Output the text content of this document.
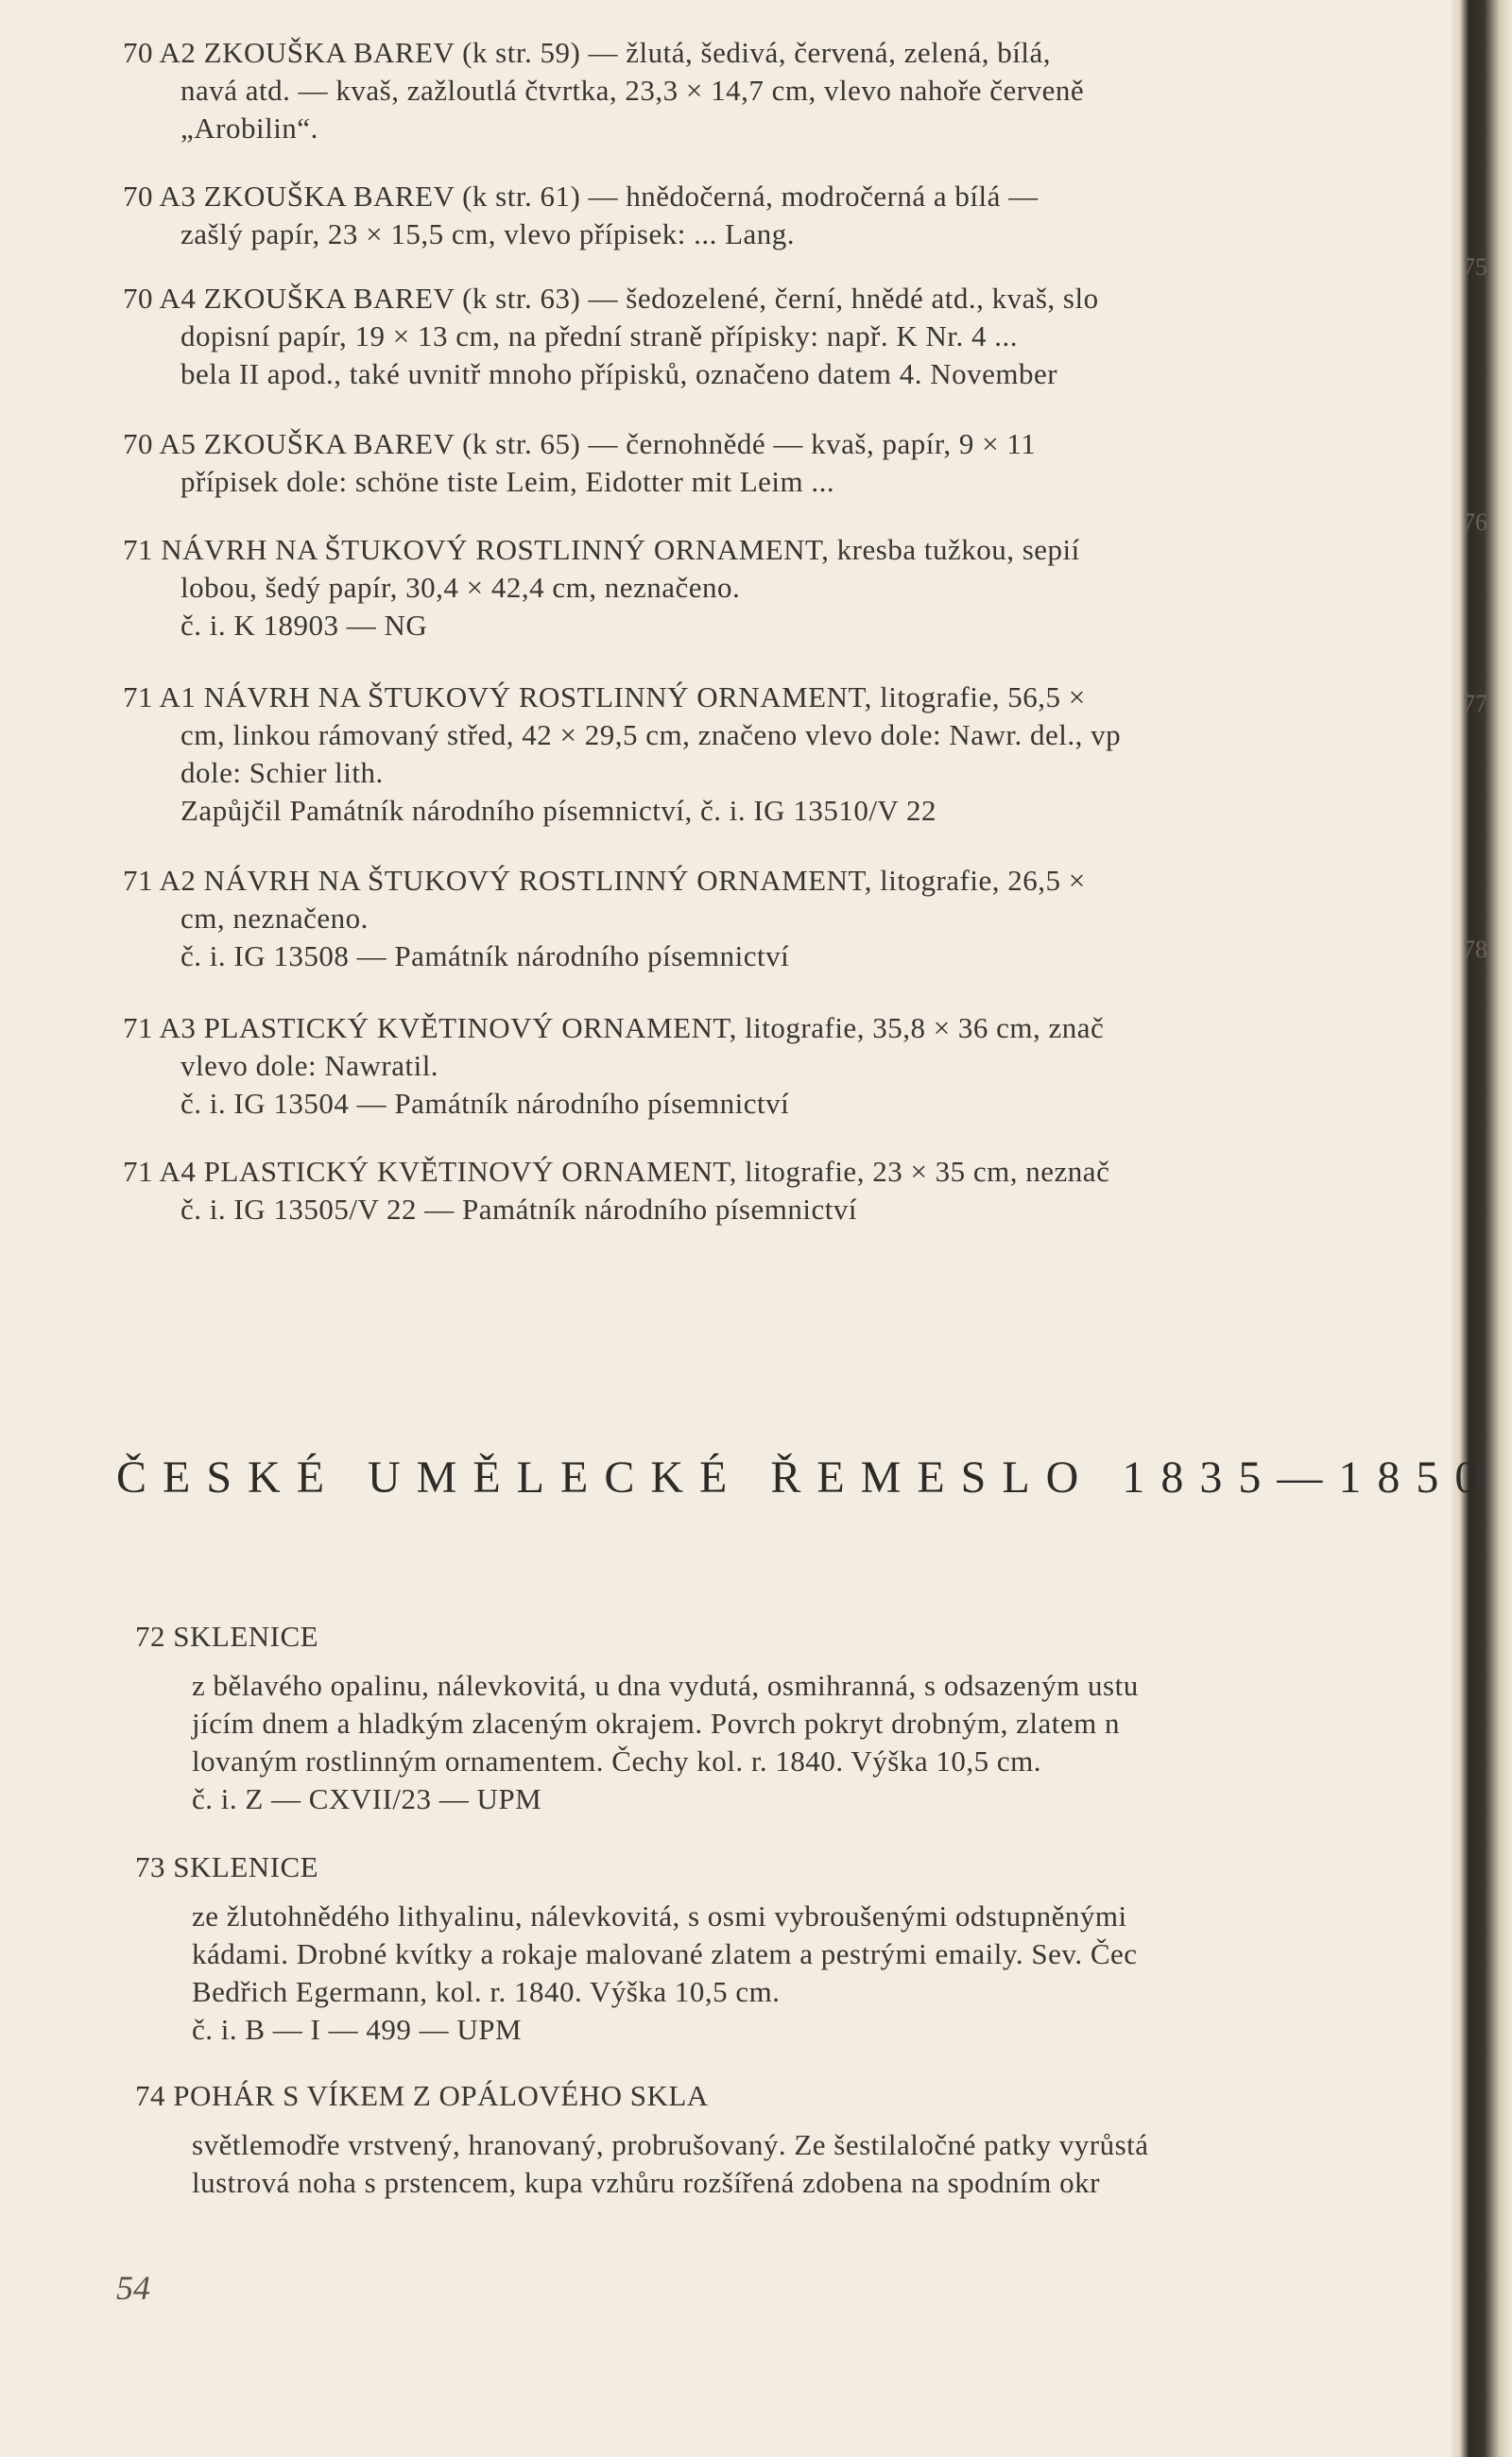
75
76
77
78
70 A2 ZKOUŠKA BAREV (k str. 59) — žlutá, šedivá, červená, zelená, bílá,
navá atd. — kvaš, zažloutlá čtvrtka, 23,3 × 14,7 cm, vlevo nahoře červeně
„Arobilin“.
70 A3 ZKOUŠKA BAREV (k str. 61) — hnědočerná, modročerná a bílá —
zašlý papír, 23 × 15,5 cm, vlevo přípisek: ... Lang.
70 A4 ZKOUŠKA BAREV (k str. 63) — šedozelené, černí, hnědé atd., kvaš, slo
dopisní papír, 19 × 13 cm, na přední straně přípisky: např. K Nr. 4 ...
bela II apod., také uvnitř mnoho přípisků, označeno datem 4. November
70 A5 ZKOUŠKA BAREV (k str. 65) — černohnědé — kvaš, papír, 9 × 11
přípisek dole: schöne tiste Leim, Eidotter mit Leim ...
71 NÁVRH NA ŠTUKOVÝ ROSTLINNÝ ORNAMENT, kresba tužkou, sepií
lobou, šedý papír, 30,4 × 42,4 cm, neznačeno.
č. i. K 18903 — NG
71 A1 NÁVRH NA ŠTUKOVÝ ROSTLINNÝ ORNAMENT, litografie, 56,5 ×
cm, linkou rámovaný střed, 42 × 29,5 cm, značeno vlevo dole: Nawr. del., vp
dole: Schier lith.
Zapůjčil Památník národního písemnictví, č. i. IG 13510/V 22
71 A2 NÁVRH NA ŠTUKOVÝ ROSTLINNÝ ORNAMENT, litografie, 26,5 ×
cm, neznačeno.
č. i. IG 13508 — Památník národního písemnictví
71 A3 PLASTICKÝ KVĚTINOVÝ ORNAMENT, litografie, 35,8 × 36 cm, znač
vlevo dole: Nawratil.
č. i. IG 13504 — Památník národního písemnictví
71 A4 PLASTICKÝ KVĚTINOVÝ ORNAMENT, litografie, 23 × 35 cm, neznač
č. i. IG 13505/V 22 — Památník národního písemnictví
ČESKÉ UMĚLECKÉ ŘEMESLO 1835—1850
72 SKLENICE
z bělavého opalinu, nálevkovitá, u dna vydutá, osmihranná, s odsazeným ustu
jícím dnem a hladkým zlaceným okrajem. Povrch pokryt drobným, zlatem n
lovaným rostlinným ornamentem. Čechy kol. r. 1840. Výška 10,5 cm.
č. i. Z — CXVII/23 — UPM
73 SKLENICE
ze žlutohnědého lithyalinu, nálevkovitá, s osmi vybroušenými odstupněnými
kádami. Drobné kvítky a rokaje malované zlatem a pestrými emaily. Sev. Čec
Bedřich Egermann, kol. r. 1840. Výška 10,5 cm.
č. i. B — I — 499 — UPM
74 POHÁR S VÍKEM Z OPÁLOVÉHO SKLA
světlemodře vrstvený, hranovaný, probrušovaný. Ze šestilaločné patky vyrůstá
lustrová noha s prstencem, kupa vzhůru rozšířená zdobena na spodním okr
54
